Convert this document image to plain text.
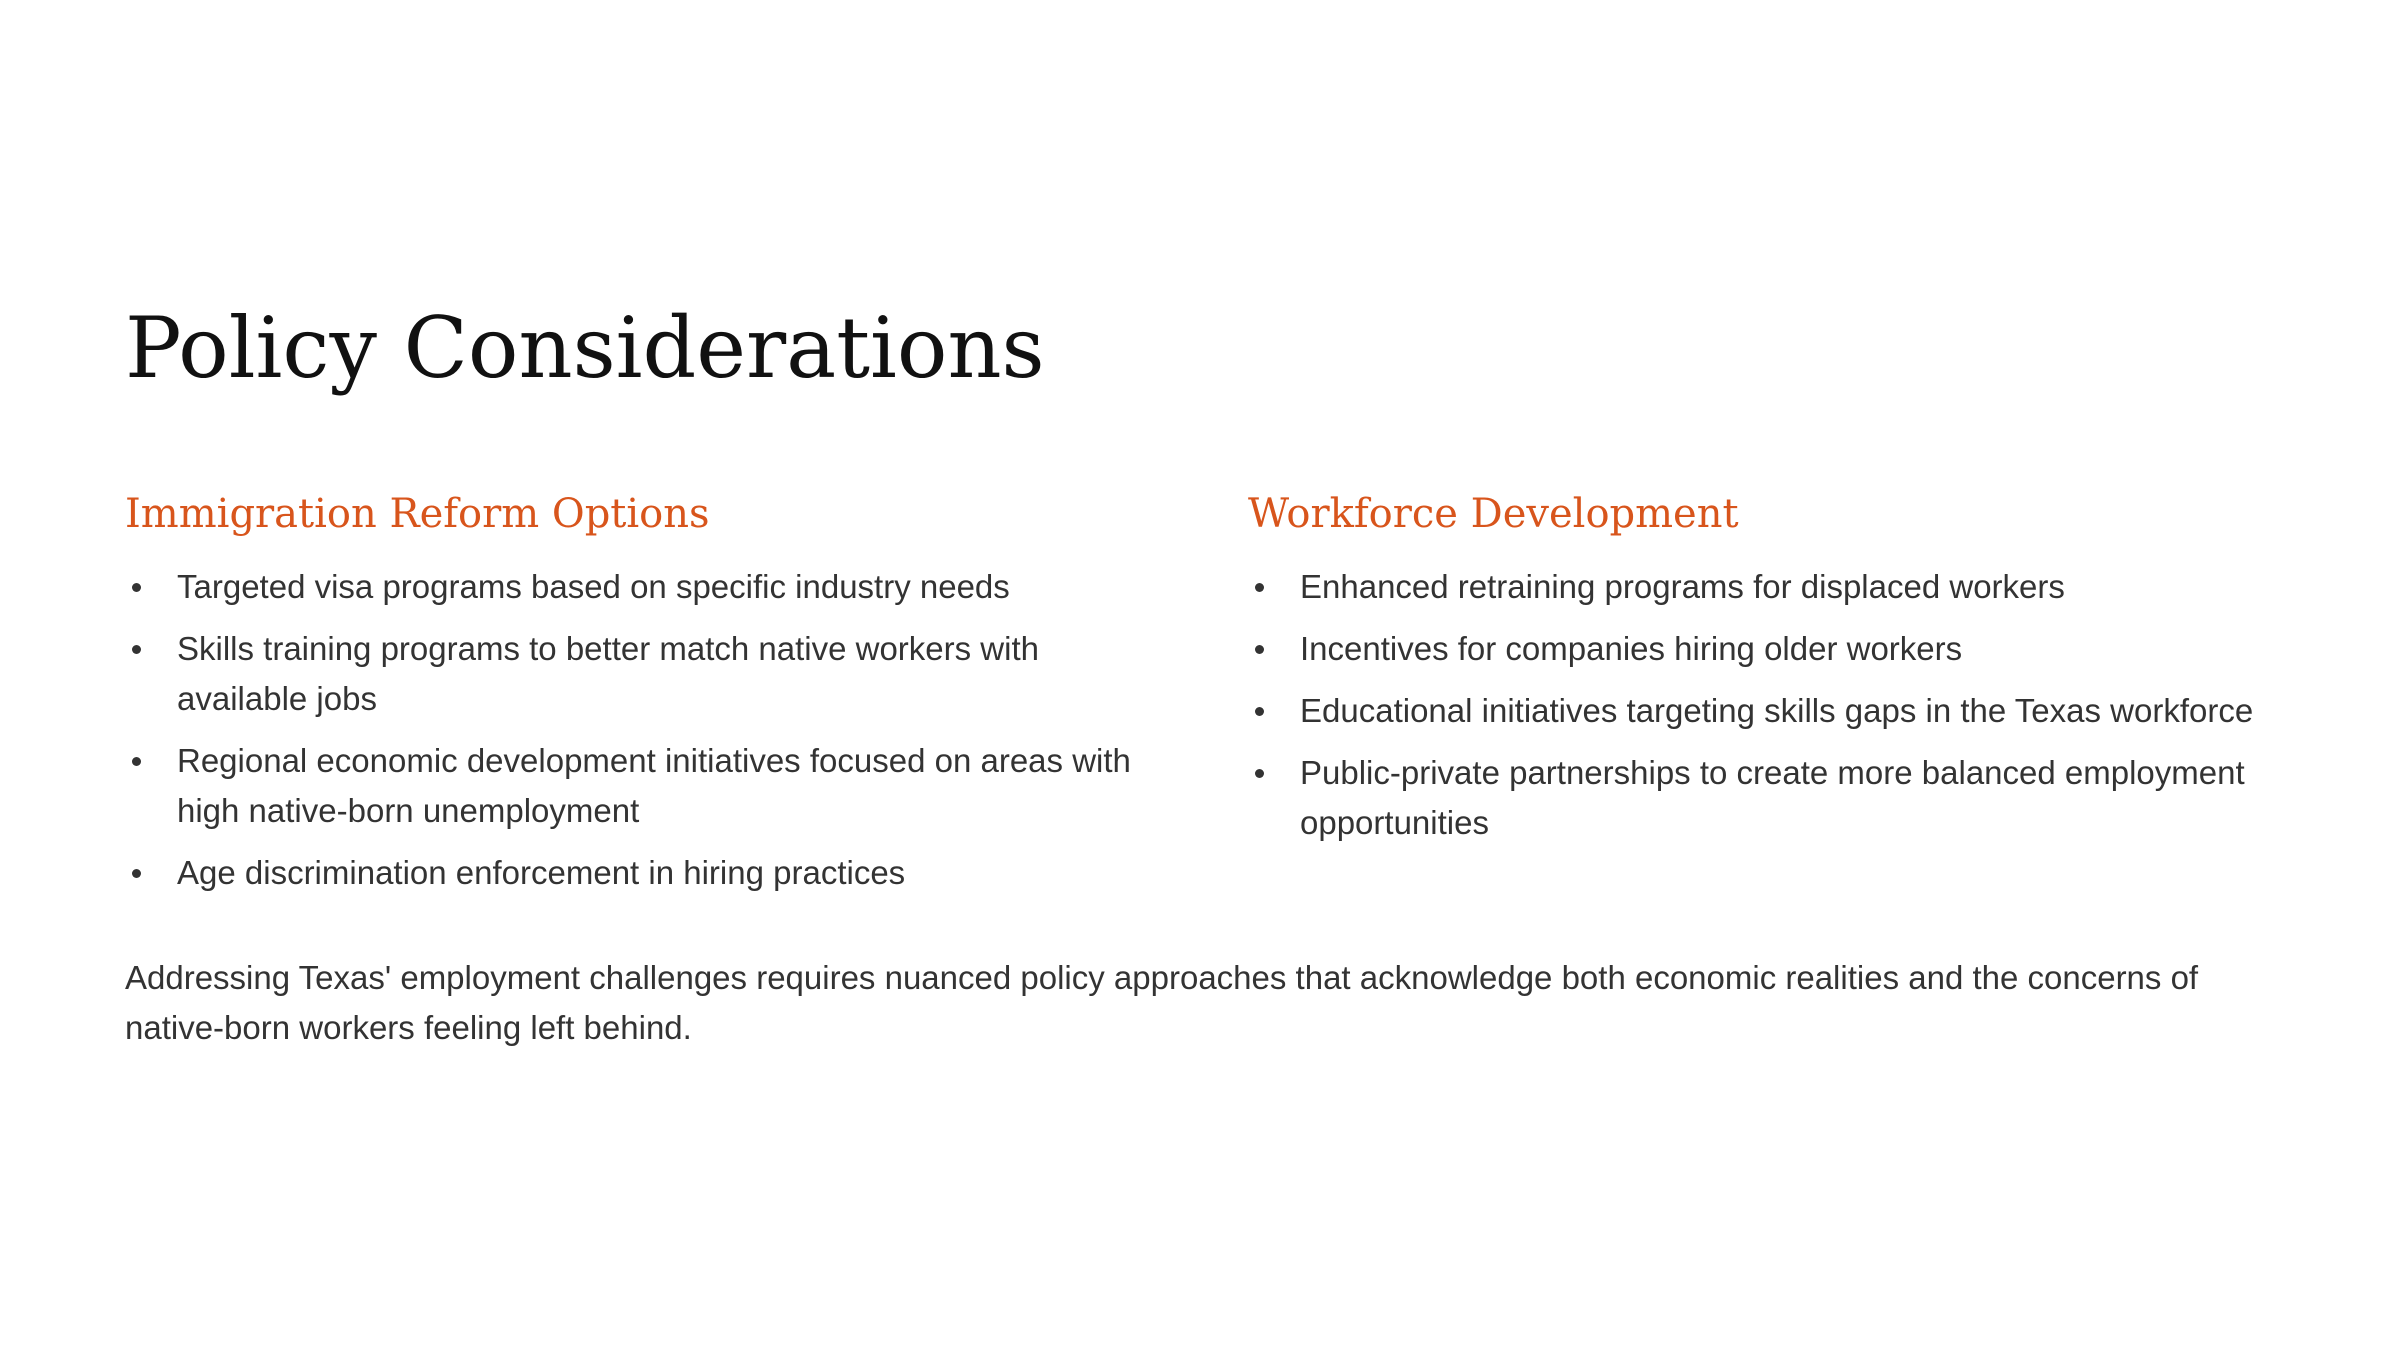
Policy Considerations
Immigration Reform Options
Targeted visa programs based on specific industry needs
Skills training programs to better match native workers with available jobs
Regional economic development initiatives focused on areas with high native-born unemployment
Age discrimination enforcement in hiring practices
Workforce Development
Enhanced retraining programs for displaced workers
Incentives for companies hiring older workers
Educational initiatives targeting skills gaps in the Texas workforce
Public-private partnerships to create more balanced employment opportunities

Addressing Texas' employment challenges requires nuanced policy approaches that acknowledge both economic realities and the concerns of native-born workers feeling left behind.
